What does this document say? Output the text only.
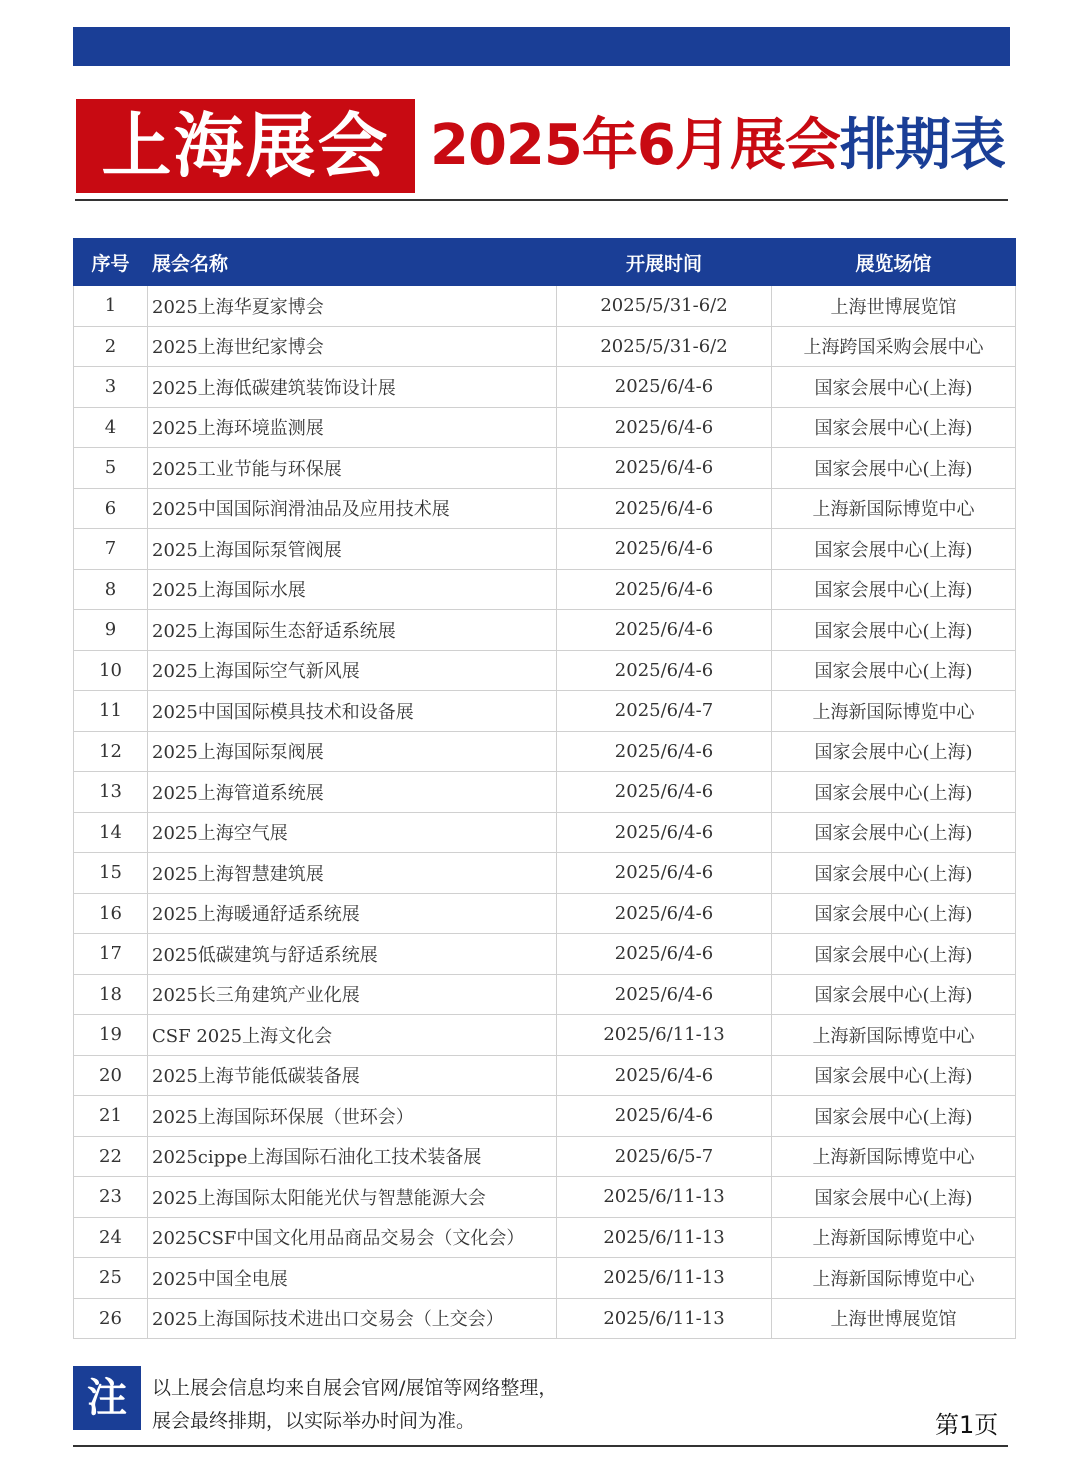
上海展会 2025年6月展会排期表
序号	展会名称	开展时间	展览场馆
1	2025上海华夏家博会	2025/5/31-6/2	上海世博展览馆
2	2025上海世纪家博会	2025/5/31-6/2	上海跨国采购会展中心
3	2025上海低碳建筑装饰设计展	2025/6/4-6	国家会展中心(上海)
4	2025上海环境监测展	2025/6/4-6	国家会展中心(上海)
5	2025工业节能与环保展	2025/6/4-6	国家会展中心(上海)
6	2025中国国际润滑油品及应用技术展	2025/6/4-6	上海新国际博览中心
7	2025上海国际泵管阀展	2025/6/4-6	国家会展中心(上海)
8	2025上海国际水展	2025/6/4-6	国家会展中心(上海)
9	2025上海国际生态舒适系统展	2025/6/4-6	国家会展中心(上海)
10	2025上海国际空气新风展	2025/6/4-6	国家会展中心(上海)
11	2025中国国际模具技术和设备展	2025/6/4-7	上海新国际博览中心
12	2025上海国际泵阀展	2025/6/4-6	国家会展中心(上海)
13	2025上海管道系统展	2025/6/4-6	国家会展中心(上海)
14	2025上海空气展	2025/6/4-6	国家会展中心(上海)
15	2025上海智慧建筑展	2025/6/4-6	国家会展中心(上海)
16	2025上海暖通舒适系统展	2025/6/4-6	国家会展中心(上海)
17	2025低碳建筑与舒适系统展	2025/6/4-6	国家会展中心(上海)
18	2025长三角建筑产业化展	2025/6/4-6	国家会展中心(上海)
19	CSF 2025上海文化会	2025/6/11-13	上海新国际博览中心
20	2025上海节能低碳装备展	2025/6/4-6	国家会展中心(上海)
21	2025上海国际环保展（世环会）	2025/6/4-6	国家会展中心(上海)
22	2025cippe上海国际石油化工技术装备展	2025/6/5-7	上海新国际博览中心
23	2025上海国际太阳能光伏与智慧能源大会	2025/6/11-13	国家会展中心(上海)
24	2025CSF中国文化用品商品交易会（文化会）	2025/6/11-13	上海新国际博览中心
25	2025中国全电展	2025/6/11-13	上海新国际博览中心
26	2025上海国际技术进出口交易会（上交会）	2025/6/11-13	上海世博展览馆
注	以上展会信息均来自展会官网/展馆等网络整理，
展会最终排期，以实际举办时间为准。	第1页
